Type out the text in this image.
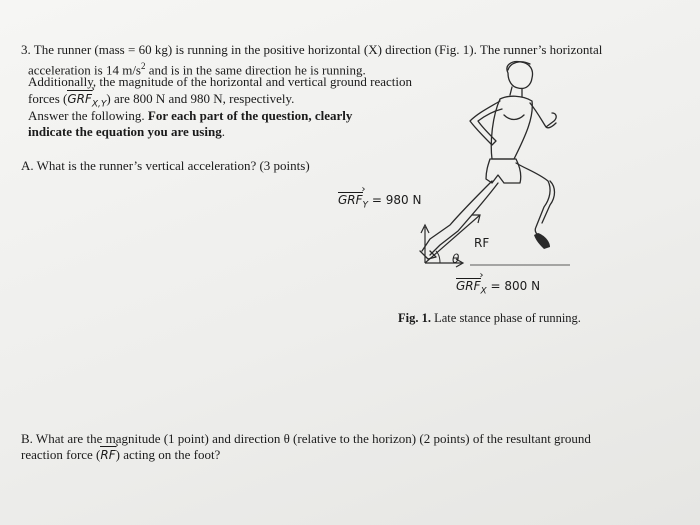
3. The runner (mass = 60 kg) is running in the positive horizontal (X) direction (Fig. 1). The runner’s horizontal
acceleration is 14 $m/s^2$ and is in the same direction he is running.
Additionally, the magnitude of the horizontal and vertical ground reaction
forces (GRF $›_{X,Y}$) are 800 N and 980 N, respectively.
Answer the following. For each part of the question, clearly
indicate the equation you are using.
A. What is the runner’s vertical acceleration? (3 points)
GRF $›_Y = 980$ N
RF
θ
GRF $›_X = 800$ N
Fig. 1. Late stance phase of running.
B. What are the magnitude (1 point) and direction θ (relative to the horizon) (2 points) of the resultant ground
reaction force (RF ›) acting on the foot?
